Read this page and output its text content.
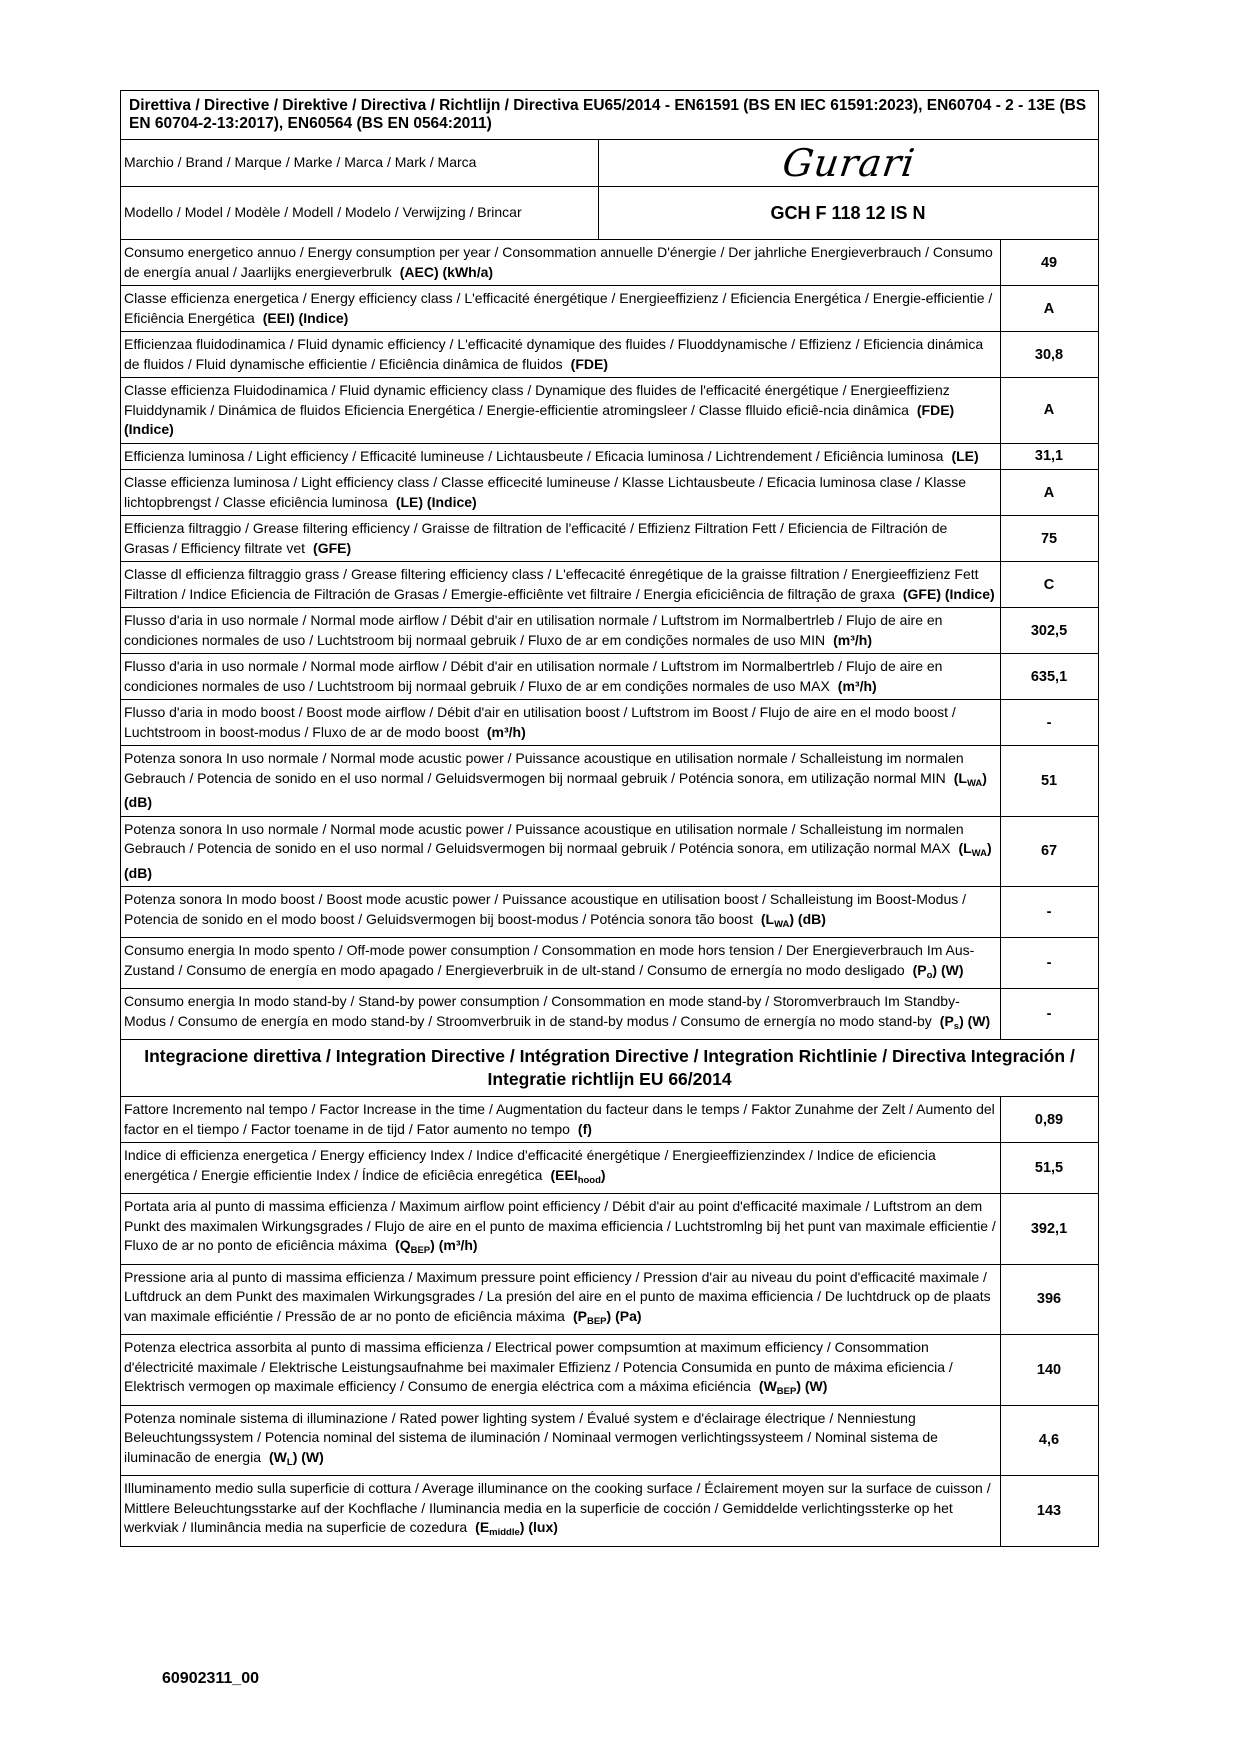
Direttiva / Directive / Direktive / Directiva / Richtlijn / Directiva EU65/2014 - EN61591 (BS EN IEC 61591:2023), EN60704 - 2 - 13E (BS EN 60704-2-13:2017), EN60564 (BS EN 0564:2011)		
Marchio / Brand / Marque / Marke / Marca / Mark / Marca	Gurari	
Modello / Model / Modèle / Modell / Modelo / Verwijzing / Brincar	GCH F 118 12 IS N	
Consumo energetico annuo / Energy consumption per year / Consommation annuelle D'énergie / Der jahrliche Energieverbrauch / Consumo de energía anual / Jaarlijks energieverbrulk (AEC) (kWh/a)		49
Classe efficienza energetica / Energy efficiency class / L'efficacité énergétique / Energieeffizienz / Eficiencia Energética / Energie-efficientie / Eficiência Energética (EEI) (Indice)		A
Efficienzaa fluidodinamica / Fluid dynamic efficiency / L'efficacité dynamique des fluides / Fluoddynamische / Effizienz / Eficiencia dinámica de fluidos / Fluid dynamische efficientie / Eficiência dinâmica de fluidos (FDE)		30,8
Classe efficienza Fluidodinamica / Fluid dynamic efficiency class / Dynamique des fluides de l'efficacité énergétique / Energieeffizienz Fluiddynamik / Dinámica de fluidos Eficiencia Energética / Energie-efficientie atromingsleer / Classe flluido eficiê-ncia dinâmica (FDE) (Indice)		A
Efficienza luminosa / Light efficiency / Efficacité lumineuse / Lichtausbeute / Eficacia luminosa / Lichtrendement / Eficiência luminosa (LE)		31,1
Classe efficienza luminosa / Light efficiency class / Classe efficecité lumineuse / Klasse Lichtausbeute / Eficacia luminosa clase / Klasse lichtopbrengst / Classe eficiência luminosa (LE) (Indice)		A
Efficienza filtraggio / Grease filtering efficiency / Graisse de filtration de l'efficacité / Effizienz Filtration Fett / Eficiencia de Filtración de Grasas / Efficiency filtrate vet (GFE)		75
Classe dl efficienza filtraggio grass / Grease filtering efficiency class / L'effecacité énregétique de la graisse filtration / Energieeffizienz Fett Filtration / Indice Eficiencia de Filtración de Grasas / Emergie-efficiênte vet filtraire / Energia eficiciência de filtração de graxa (GFE) (Indice)		C
Flusso d'aria in uso normale / Normal mode airflow / Débit d'air en utilisation normale / Luftstrom im Normalbertrleb / Flujo de aire en condiciones normales de uso / Luchtstroom bij normaal gebruik / Fluxo de ar em condições normales de uso MIN (m³/h)		302,5
Flusso d'aria in uso normale / Normal mode airflow / Débit d'air en utilisation normale / Luftstrom im Normalbertrleb / Flujo de aire en condiciones normales de uso / Luchtstroom bij normaal gebruik / Fluxo de ar em condições normales de uso MAX (m³/h)		635,1
Flusso d'aria in modo boost / Boost mode airflow / Débit d'air en utilisation boost / Luftstrom im Boost / Flujo de aire en el modo boost / Luchtstroom in boost-modus / Fluxo de ar de modo boost (m³/h)		-
Potenza sonora In uso normale / Normal mode acustic power / Puissance acoustique en utilisation normale / Schalleistung im normalen Gebrauch / Potencia de sonido en el uso normal / Geluidsvermogen bij normaal gebruik / Poténcia sonora, em utilização normal MIN $(L_{WA})$ (dB)		51
Potenza sonora In uso normale / Normal mode acustic power / Puissance acoustique en utilisation normale / Schalleistung im normalen Gebrauch / Potencia de sonido en el uso normal / Geluidsvermogen bij normaal gebruik / Poténcia sonora, em utilização normal MAX $(L_{WA})$ (dB)		67
Potenza sonora In modo boost / Boost mode acustic power / Puissance acoustique en utilisation boost / Schalleistung im Boost-Modus / Potencia de sonido en el modo boost / Geluidsvermogen bij boost-modus / Poténcia sonora tão boost $(L_{WA})$ (dB)		-
Consumo energia In modo spento / Off-mode power consumption / Consommation en mode hors tension / Der Energieverbrauch Im Aus-Zustand / Consumo de energía en modo apagado / Energieverbruik in de ult-stand / Consumo de ernergía no modo desligado $(P_o)$ (W)		-
Consumo energia In modo stand-by / Stand-by power consumption / Consommation en mode stand-by / Storomverbrauch Im Standby-Modus / Consumo de energía en modo stand-by / Stroomverbruik in de stand-by modus / Consumo de ernergía no modo stand-by $(P_s)$ (W)		-
Integracione direttiva / Integration Directive / Intégration Directive / Integration Richtlinie / Directiva Integración / Integratie richtlijn EU 66/2014		
Fattore Incremento nal tempo / Factor Increase in the time / Augmentation du facteur dans le temps / Faktor Zunahme der Zelt / Aumento del factor en el tiempo / Factor toename in de tijd / Fator aumento no tempo (f)		0,89
Indice di efficienza energetica / Energy efficiency Index / Indice d'efficacité énergétique / Energieeffizienzindex / Indice de eficiencia energética / Energie efficientie Index / Índice de eficiêcia enregética $(EEI_{hood})$		51,5
Portata aria al punto di massima efficienza / Maximum airflow point efficiency / Débit d'air au point d'efficacité maximale / Luftstrom an dem Punkt des maximalen Wirkungsgrades / Flujo de aire en el punto de maxima efficiencia / Luchtstromlng bij het punt van maximale efficientie / Fluxo de ar no ponto de eficiência máxima $(Q_{BEP})$ (m³/h)		392,1
Pressione aria al punto di massima efficienza / Maximum pressure point efficiency / Pression d'air au niveau du point d'efficacité maximale / Luftdruck an dem Punkt des maximalen Wirkungsgrades / La presión del aire en el punto de maxima efficiencia / De luchtdruck op de plaats van maximale efficiéntie / Pressão de ar no ponto de eficiência máxima $(P_{BEP})$ (Pa)		396
Potenza electrica assorbita al punto di massima efficienza / Electrical power compsumtion at maximum efficiency / Consommation d'électricité maximale / Elektrische Leistungsaufnahme bei maximaler Effizienz / Potencia Consumida en punto de máxima eficiencia / Elektrisch vermogen op maximale efficiency / Consumo de energia eléctrica com a máxima eficiéncia $(W_{BEP})$ (W)		140
Potenza nominale sistema di illuminazione / Rated power lighting system / Évalué system e d'éclairage électrique / Nenniestung Beleuchtungssystem / Potencia nominal del sistema de iluminación / Nominaal vermogen verlichtingssysteem / Nominal sistema de iluminacão de energia $(W_L)$ (W)		4,6
Illuminamento medio sulla superficie di cottura / Average illuminance on the cooking surface / Éclairement moyen sur la surface de cuisson / Mittlere Beleuchtungsstarke auf der Kochflache / Iluminancia media en la superficie de cocción / Gemiddelde verlichtingssterke op het werkviak / Iluminância media na superficie de cozedura $(E_{middle})$ (lux)		143
60902311_00
